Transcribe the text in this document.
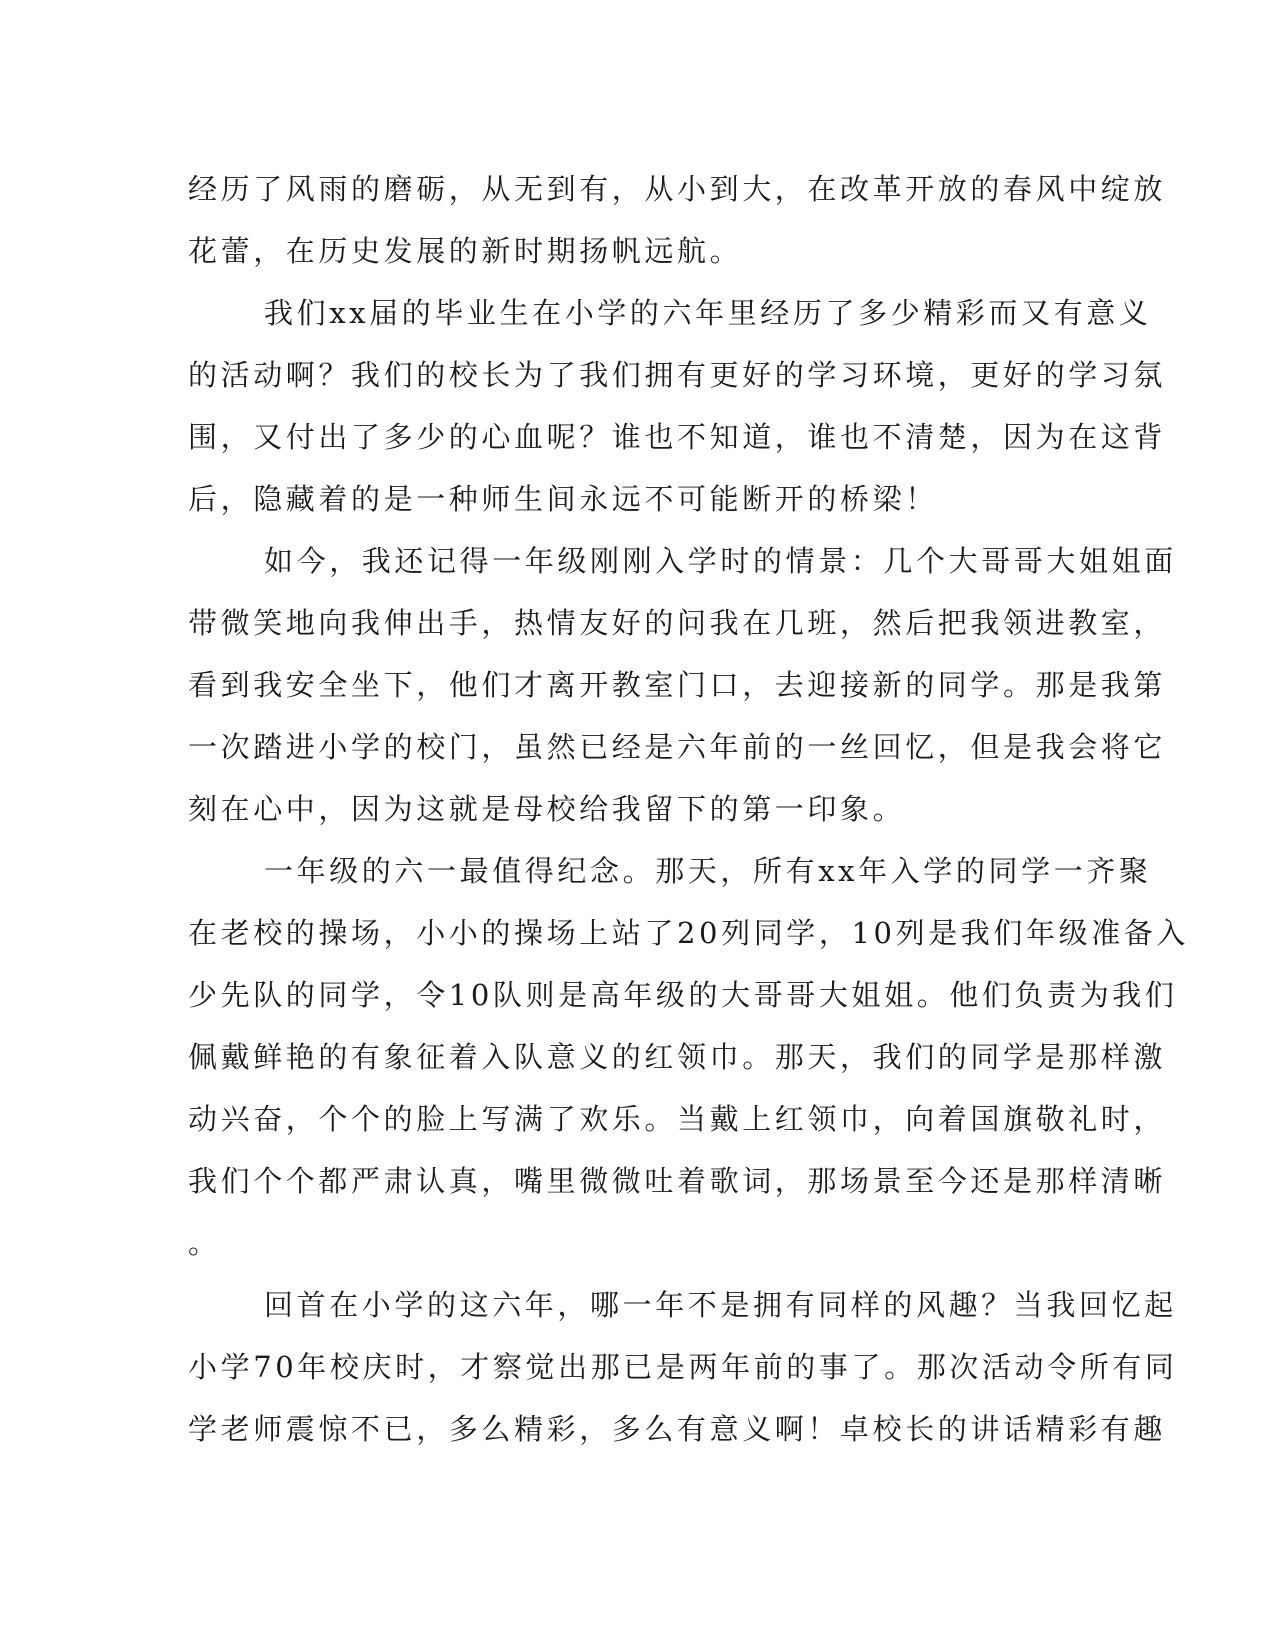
经历了风雨的磨砺，从无到有，从小到大，在改革开放的春风中绽放
花蕾，在历史发展的新时期扬帆远航。
我们xx届的毕业生在小学的六年里经历了多少精彩而又有意义
的活动啊？我们的校长为了我们拥有更好的学习环境，更好的学习氛
围，又付出了多少的心血呢？谁也不知道，谁也不清楚，因为在这背
后，隐藏着的是一种师生间永远不可能断开的桥梁！
如今，我还记得一年级刚刚入学时的情景：几个大哥哥大姐姐面
带微笑地向我伸出手，热情友好的问我在几班，然后把我领进教室，
看到我安全坐下，他们才离开教室门口，去迎接新的同学。那是我第
一次踏进小学的校门，虽然已经是六年前的一丝回忆，但是我会将它
刻在心中，因为这就是母校给我留下的第一印象。
一年级的六一最值得纪念。那天，所有xx年入学的同学一齐聚
在老校的操场，小小的操场上站了20列同学，10列是我们年级准备入
少先队的同学，令10队则是高年级的大哥哥大姐姐。他们负责为我们
佩戴鲜艳的有象征着入队意义的红领巾。那天，我们的同学是那样激
动兴奋，个个的脸上写满了欢乐。当戴上红领巾，向着国旗敬礼时，
我们个个都严肃认真，嘴里微微吐着歌词，那场景至今还是那样清晰
。
回首在小学的这六年，哪一年不是拥有同样的风趣？当我回忆起
小学70年校庆时，才察觉出那已是两年前的事了。那次活动令所有同
学老师震惊不已，多么精彩，多么有意义啊！卓校长的讲话精彩有趣
